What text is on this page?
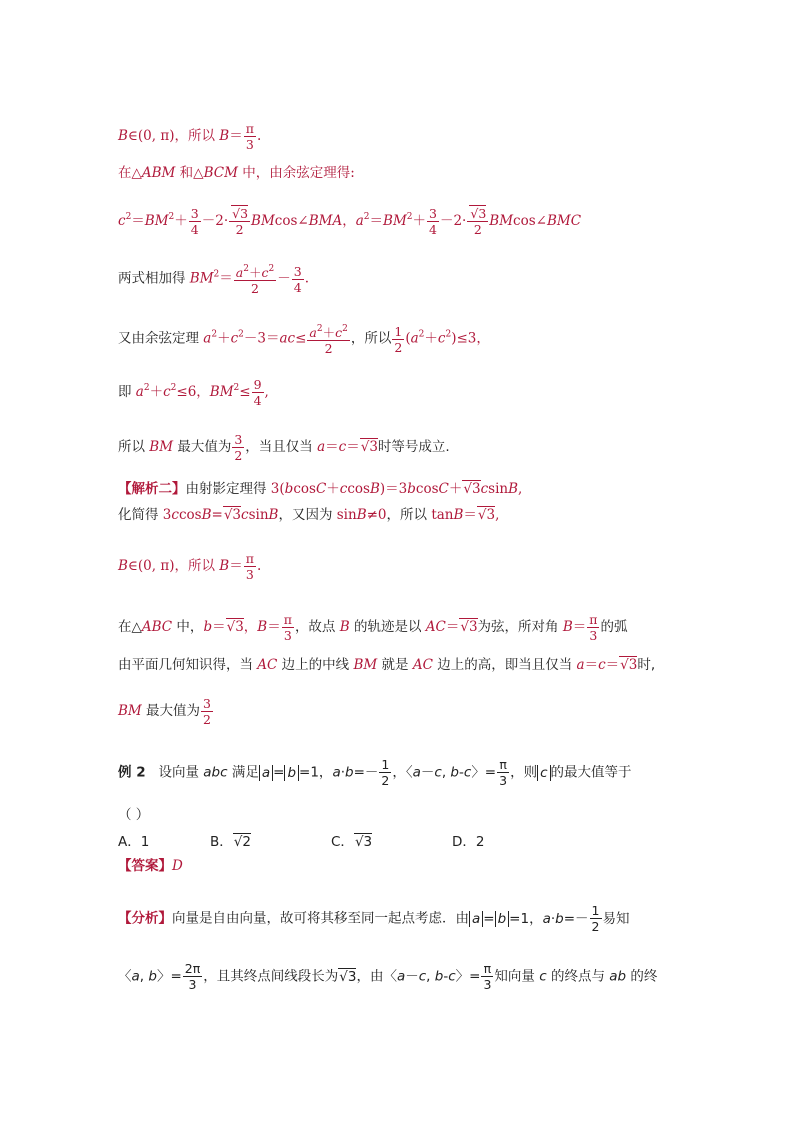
B∈(0, π)，所以 $B= \frac{\pi}{3}$ .
在△ABM 和△BCM 中，由余弦定理得:
$c^2=BM^2+ \frac{3}{4} -2\cdot \frac{√3}{2}$ BMcos∠BMA，$a^2=BM^2+ \frac{3}{4} -2\cdot \frac{√3}{2}$ BMcos∠BMC
两式相加得 $BM^2= \frac{a^2+c^2}{2} - \frac{3}{4}$ .
又由余弦定理 $a^2+c^2-3=ac\le \frac{a^2+c^2}{2}$ ，所以 $\frac{1}{2} (a^2+c^2)\le 3$，
即 $a^2+c^2\le 6$，$BM^2\le \frac{9}{4}$ ,
所以 BM 最大值为 $\frac{3}{2}$ ，当且仅当 a＝c＝√3时等号成立.
【解析二】由射影定理得 3(bcosC＋ccosB)＝3bcosC＋√3csinB,
化简得 3ccosB=√3csinB，又因为 sinB≠0，所以 tanB＝√3,
B∈(0, π)，所以 $B= \frac{\pi}{3}$ .
在△ABC 中，b＝√3，$B= \frac{\pi}{3}$ ，故点 B 的轨迹是以 AC＝√3为弦，所对角 $B= \frac{\pi}{3}$ 的弧
由平面几何知识得，当 AC 边上的中线 BM 就是 AC 边上的高，即当且仅当 a＝c＝√3时,
BM 最大值为 $\frac{3}{2}$
例 2   设向量 abc 满足 a = b =1，$a\cdot b=- \frac{1}{2}$ ，〈a－c, b-c〉= $\frac{\pi}{3}$ ，则 c 的最大值等于
（ ）
A．1	B．√2	C．√3	D．2
【答案】D
【分析】向量是自由向量，故可将其移至同一起点考虑．由 a = b =1，$a\cdot b=- \frac{1}{2}$ 易知
〈a, b〉= $\frac{2\pi}{3}$ ，且其终点间线段长为√3，由〈a－c, b-c〉= $\frac{\pi}{3}$ 知向量 c 的终点与 ab 的终
